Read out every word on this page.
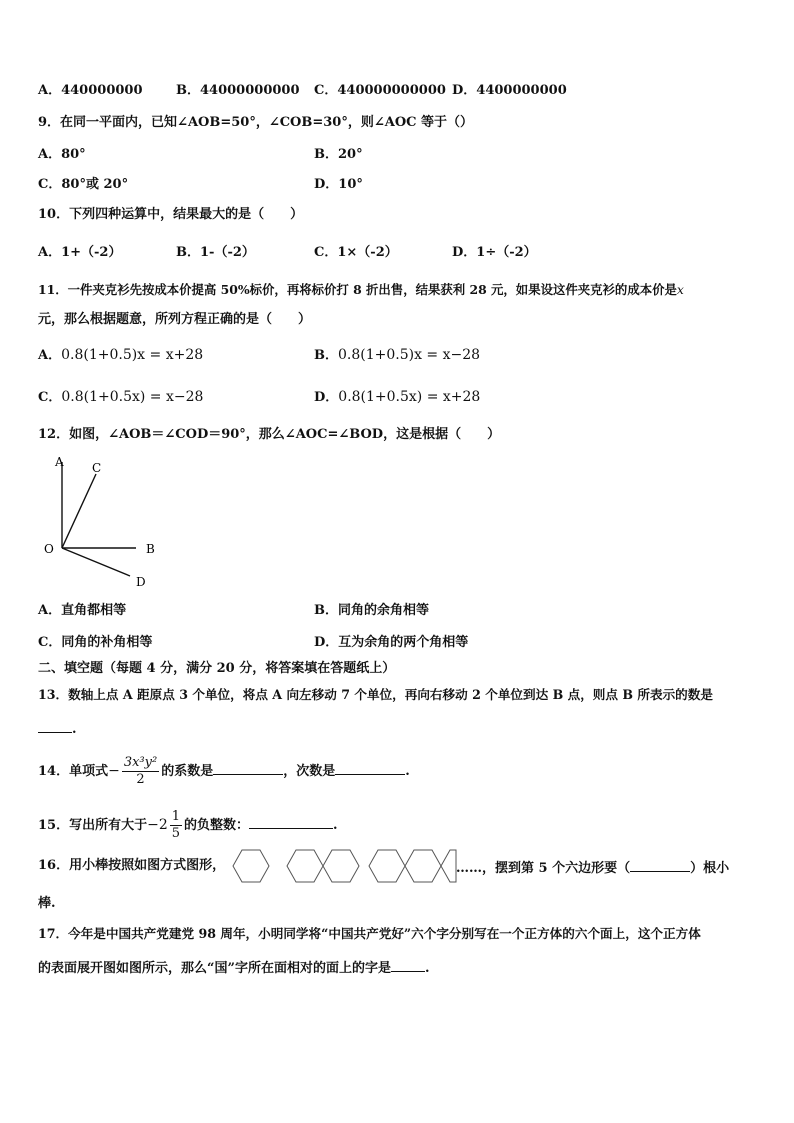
A．440000000	B．44000000000 C．440000000000 D．4400000000
9．在同一平面内，已知∠AOB=50°，∠COB=30°，则∠AOC 等于（）
A．80°	B．20°
C．80°或 20°	D．10°
10．下列四种运算中，结果最大的是（　　）
A．1+（-2）	B．1-（-2）	C．1×（-2）	D．1÷（-2）
11．一件夹克衫先按成本价提高 50%标价，再将标价打 8 折出售，结果获利 28 元，如果设这件夹克衫的成本价是x
元，那么根据题意，所列方程正确的是（　　）
A．0.8(1+0.5)x = x+28	B．0.8(1+0.5)x = x−28
C．0.8(1+0.5x) = x−28	D．0.8(1+0.5x) = x+28
12．如图，∠AOB＝∠COD＝90°，那么∠AOC=∠BOD，这是根据（　　）
A C
B
O
D
A．直角都相等	B．同角的余角相等
C．同角的补角相等	D．互为余角的两个角相等
二、填空题（每题 4 分，满分 20 分，将答案填在答题纸上）
13．数轴上点 A 距原点 3 个单位，将点 A 向左移动 7 个单位，再向右移动 2 个单位到达 B 点，则点 B 所表示的数是
.
14．单项式− $\frac{\text{3x³y²}}{2}$ 的系数是	，次数是	.
15．写出所有大于$-2 \frac{1}{5}$ 的负整数：	.
16．用小棒按照如图方式图形，	……，摆到第 5 个六边形要（	）根小
棒.
17．今年是中国共产党建党 98 周年，小明同学将“中国共产党好”六个字分别写在一个正方体的六个面上，这个正方体
的表面展开图如图所示，那么“国”字所在面相对的面上的字是	.
